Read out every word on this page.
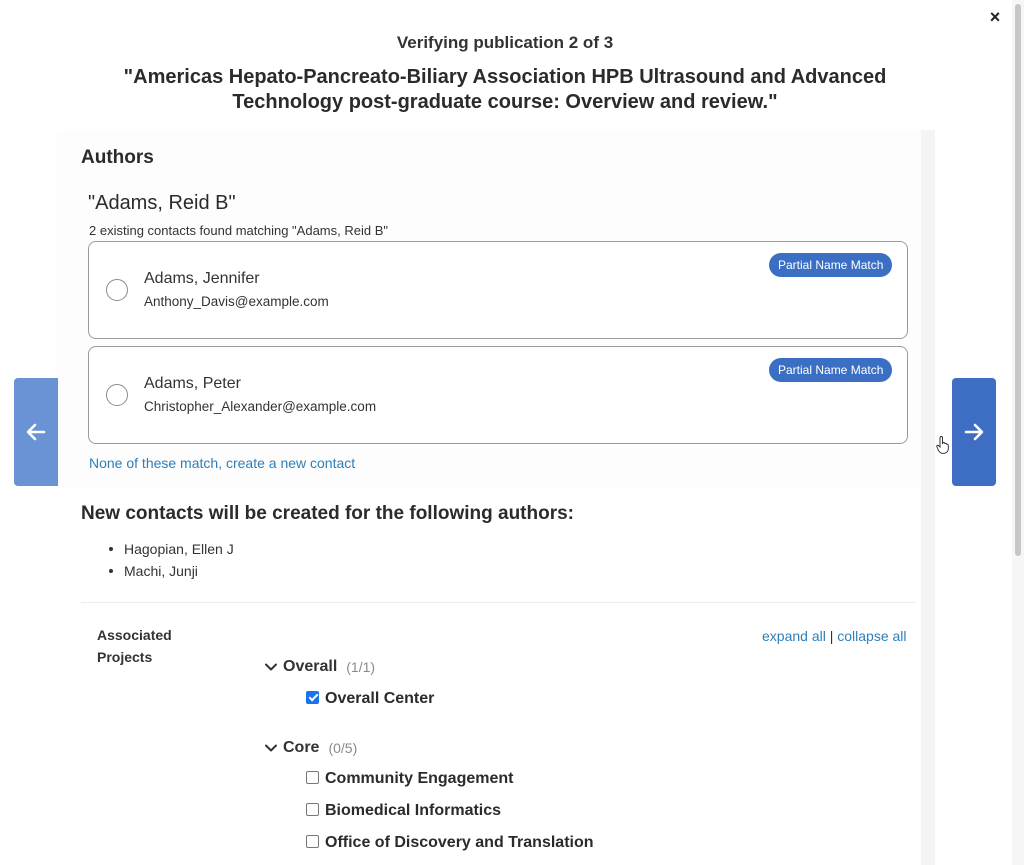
×
Verifying publication 2 of 3
"Americas Hepato-Pancreato-Biliary Association HPB Ultrasound and Advanced Technology post-graduate course: Overview and review."
Authors
"Adams, Reid B"
2 existing contacts found matching "Adams, Reid B"
Adams, Jennifer
Anthony_Davis@example.com
Partial Name Match
Adams, Peter
Christopher_Alexander@example.com
Partial Name Match
None of these match, create a new contact
New contacts will be created for the following authors:
Hagopian, Ellen J
Machi, Junji
Associated Projects
expand all | collapse all
Overall (1/1)
Overall Center
Core (0/5)
Community Engagement
Biomedical Informatics
Office of Discovery and Translation
